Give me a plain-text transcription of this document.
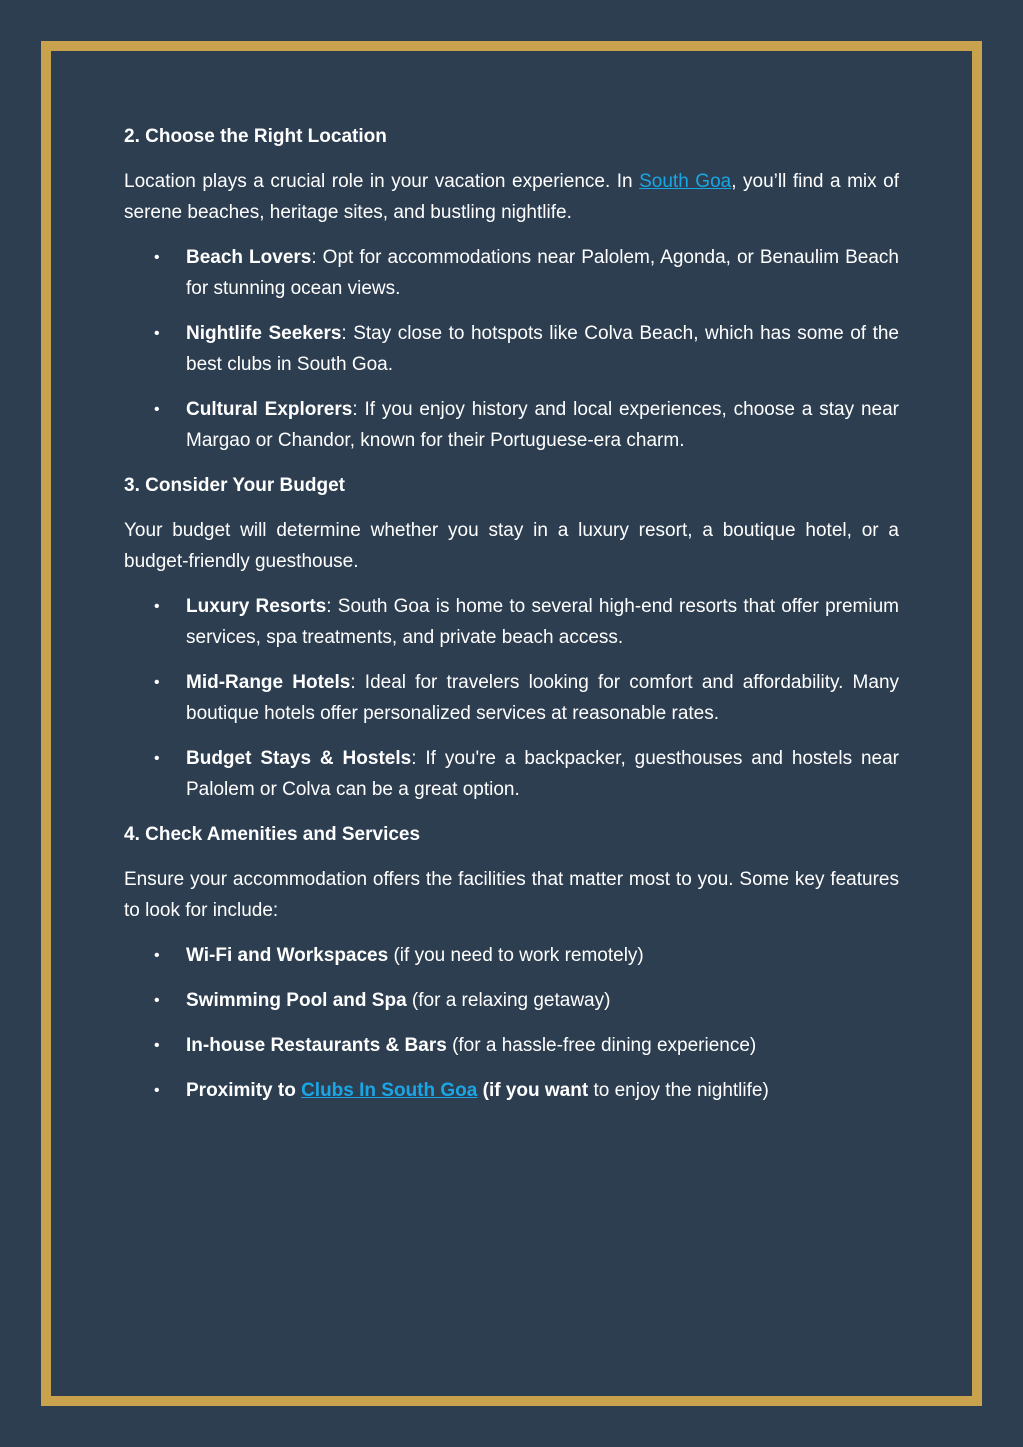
2. Choose the Right Location

Location plays a crucial role in your vacation experience. In South Goa, you’ll find a mix of serene beaches, heritage sites, and bustling nightlife.

• Beach Lovers: Opt for accommodations near Palolem, Agonda, or Benaulim Beach for stunning ocean views.
• Nightlife Seekers: Stay close to hotspots like Colva Beach, which has some of the best clubs in South Goa.
• Cultural Explorers: If you enjoy history and local experiences, choose a stay near Margao or Chandor, known for their Portuguese-era charm.
3. Consider Your Budget

Your budget will determine whether you stay in a luxury resort, a boutique hotel, or a budget-friendly guesthouse.

• Luxury Resorts: South Goa is home to several high-end resorts that offer premium services, spa treatments, and private beach access.
• Mid-Range Hotels: Ideal for travelers looking for comfort and affordability. Many boutique hotels offer personalized services at reasonable rates.
• Budget Stays & Hostels: If you're a backpacker, guesthouses and hostels near Palolem or Colva can be a great option.
4. Check Amenities and Services

Ensure your accommodation offers the facilities that matter most to you. Some key features to look for include:

• Wi-Fi and Workspaces (if you need to work remotely)
• Swimming Pool and Spa (for a relaxing getaway)
• In-house Restaurants & Bars (for a hassle-free dining experience)
• Proximity to Clubs In South Goa (if you want to enjoy the nightlife)
